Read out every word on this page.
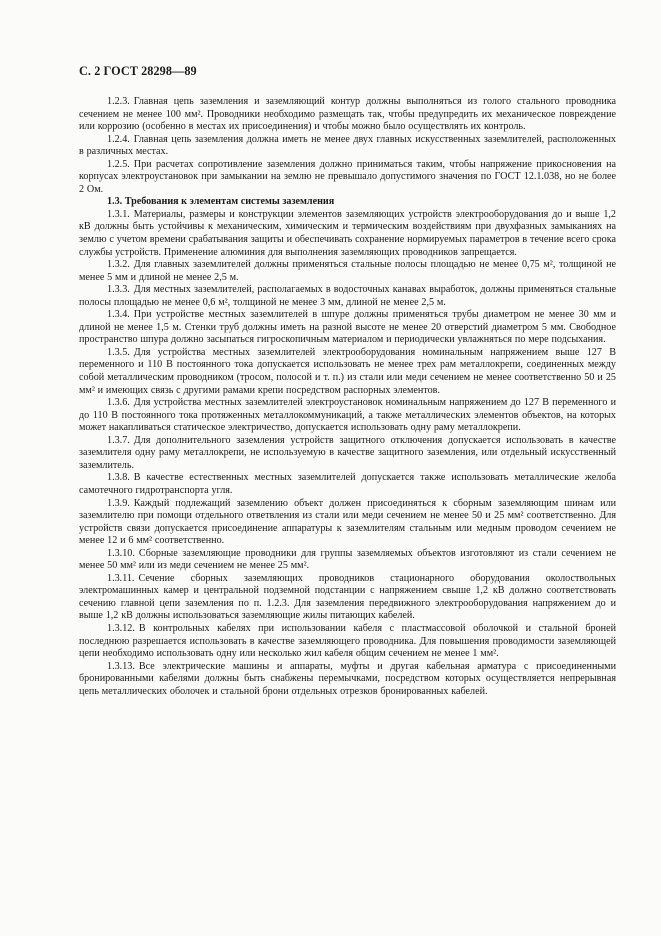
С. 2 ГОСТ 28298—89

1.2.3. Главная цепь заземления и заземляющий контур должны выполняться из голого стального проводника сечением не менее 100 мм². Проводники необходимо размещать так, чтобы предупредить их механическое повреждение или коррозию (особенно в местах их присоединения) и чтобы можно было осуществлять их контроль.

1.2.4. Главная цепь заземления должна иметь не менее двух главных искусственных заземлителей, расположенных в различных местах.

1.2.5. При расчетах сопротивление заземления должно приниматься таким, чтобы напряжение прикосновения на корпусах электроустановок при замыкании на землю не превышало допустимого значения по ГОСТ 12.1.038, но не более 2 Ом.

1.3. Требования к элементам системы заземления

1.3.1. Материалы, размеры и конструкции элементов заземляющих устройств электрооборудования до и выше 1,2 кВ должны быть устойчивы к механическим, химическим и термическим воздействиям при двухфазных замыканиях на землю с учетом времени срабатывания защиты и обеспечивать сохранение нормируемых параметров в течение всего срока службы устройств. Применение алюминия для выполнения заземляющих проводников запрещается.

1.3.2. Для главных заземлителей должны применяться стальные полосы площадью не менее 0,75 м², толщиной не менее 5 мм и длиной не менее 2,5 м.

1.3.3. Для местных заземлителей, располагаемых в водосточных канавах выработок, должны применяться стальные полосы площадью не менее 0,6 м², толщиной не менее 3 мм, длиной не менее 2,5 м.

1.3.4. При устройстве местных заземлителей в шпуре должны применяться трубы диаметром не менее 30 мм и длиной не менее 1,5 м. Стенки труб должны иметь на разной высоте не менее 20 отверстий диаметром 5 мм. Свободное пространство шпура должно засыпаться гигроскопичным материалом и периодически увлажняться по мере подсыхания.

1.3.5. Для устройства местных заземлителей электрооборудования номинальным напряжением выше 127 В переменного и 110 В постоянного тока допускается использовать не менее трех рам металлокрепи, соединенных между собой металлическим проводником (тросом, полосой и т. п.) из стали или меди сечением не менее соответственно 50 и 25 мм² и имеющих связь с другими рамами крепи посредством распорных элементов.

1.3.6. Для устройства местных заземлителей электроустановок номинальным напряжением до 127 В переменного и до 110 В постоянного тока протяженных металлокоммуникаций, а также металлических элементов объектов, на которых может накапливаться статическое электричество, допускается использовать одну раму металлокрепи.

1.3.7. Для дополнительного заземления устройств защитного отключения допускается использовать в качестве заземлителя одну раму металлокрепи, не используемую в качестве защитного заземления, или отдельный искусственный заземлитель.

1.3.8. В качестве естественных местных заземлителей допускается также использовать металлические желоба самотечного гидротранспорта угля.

1.3.9. Каждый подлежащий заземлению объект должен присоединяться к сборным заземляющим шинам или заземлителю при помощи отдельного ответвления из стали или меди сечением не менее 50 и 25 мм² соответственно. Для устройств связи допускается присоединение аппаратуры к заземлителям стальным или медным проводом сечением не менее 12 и 6 мм² соответственно.

1.3.10. Сборные заземляющие проводники для группы заземляемых объектов изготовляют из стали сечением не менее 50 мм² или из меди сечением не менее 25 мм².

1.3.11. Сечение сборных заземляющих проводников стационарного оборудования околоствольных электромашинных камер и центральной подземной подстанции с напряжением свыше 1,2 кВ должно соответствовать сечению главной цепи заземления по п. 1.2.3. Для заземления передвижного электрооборудования напряжением до и выше 1,2 кВ должны использоваться заземляющие жилы питающих кабелей.

1.3.12. В контрольных кабелях при использовании кабеля с пластмассовой оболочкой и стальной броней последнюю разрешается использовать в качестве заземляющего проводника. Для повышения проводимости заземляющей цепи необходимо использовать одну или несколько жил кабеля общим сечением не менее 1 мм².

1.3.13. Все электрические машины и аппараты, муфты и другая кабельная арматура с присоединенными бронированными кабелями должны быть снабжены перемычками, посредством которых осуществляется непрерывная цепь металлических оболочек и стальной брони отдельных отрезков бронированных кабелей.
